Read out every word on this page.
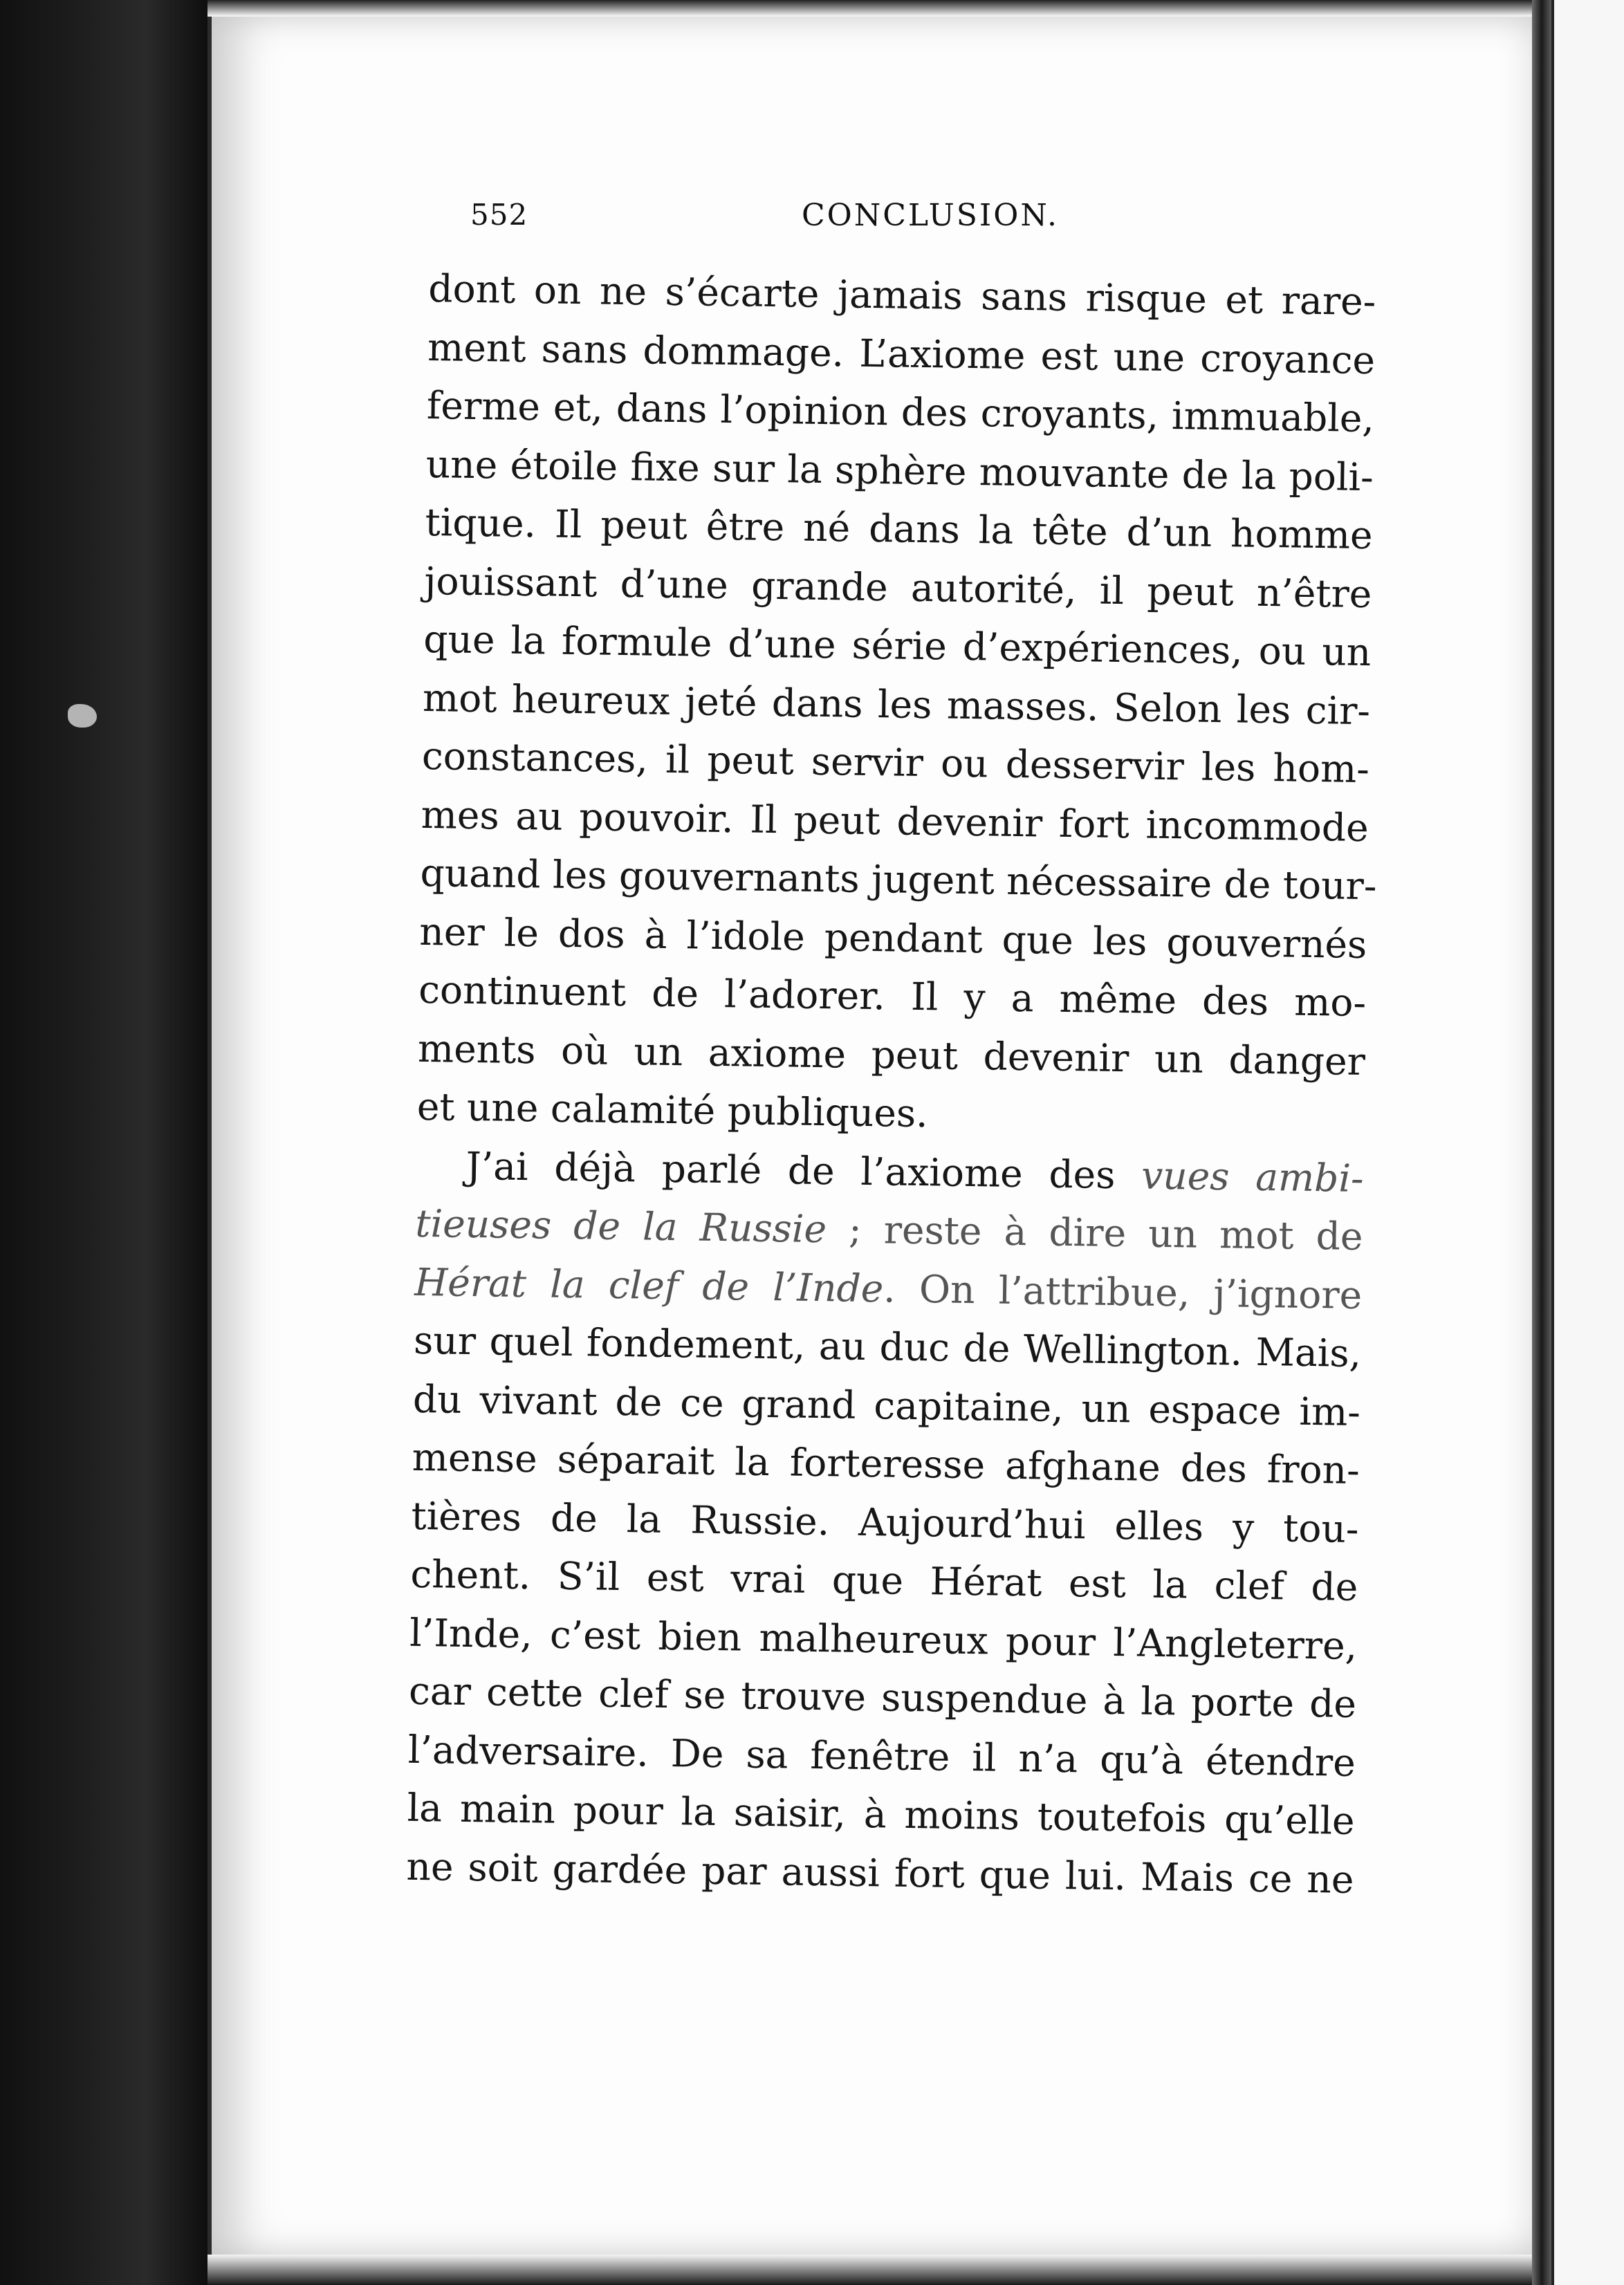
552	CONCLUSION.
dont on ne s’écarte jamais sans risque et rare-
ment sans dommage. L’axiome est une croyance
ferme et, dans l’opinion des croyants, immuable,
une étoile fixe sur la sphère mouvante de la poli-
tique. Il peut être né dans la tête d’un homme
jouissant d’une grande autorité, il peut n’être
que la formule d’une série d’expériences, ou un
mot heureux jeté dans les masses. Selon les cir-
constances, il peut servir ou desservir les hom-
mes au pouvoir. Il peut devenir fort incommode
quand les gouvernants jugent nécessaire de tour-
ner le dos à l’idole pendant que les gouvernés
continuent de l’adorer. Il y a même des mo-
ments où un axiome peut devenir un danger
et une calamité publiques.
J’ai déjà parlé de l’axiome des vues ambi-
tieuses de la Russie ; reste à dire un mot de
Hérat la clef de l’Inde. On l’attribue, j’ignore
sur quel fondement, au duc de Wellington. Mais,
du vivant de ce grand capitaine, un espace im-
mense séparait la forteresse afghane des fron-
tières de la Russie. Aujourd’hui elles y tou-
chent. S’il est vrai que Hérat est la clef de
l’Inde, c’est bien malheureux pour l’Angleterre,
car cette clef se trouve suspendue à la porte de
l’adversaire. De sa fenêtre il n’a qu’à étendre
la main pour la saisir, à moins toutefois qu’elle
ne soit gardée par aussi fort que lui. Mais ce ne
